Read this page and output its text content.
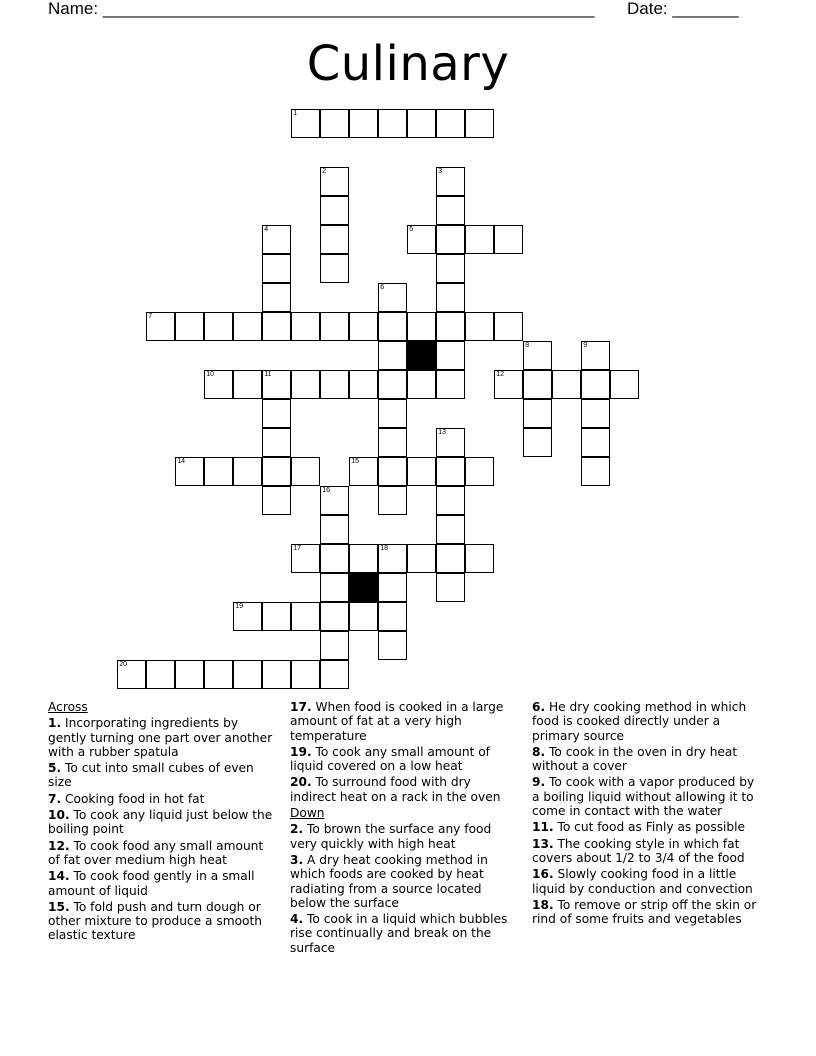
Name: ____________________________________________________ Date: _______
Culinary
1
2	3
4	5
6
7
8	9
10	11	12
13
14	15
16
17	18
19
20
Across
1. Incorporating ingredients by gently turning one part over another with a rubber spatula
5. To cut into small cubes of even size
7. Cooking food in hot fat
10. To cook any liquid just below the boiling point
12. To cook food any small amount of fat over medium high heat
14. To cook food gently in a small amount of liquid
15. To fold push and turn dough or other mixture to produce a smooth elastic texture
17. When food is cooked in a large amount of fat at a very high temperature
19. To cook any small amount of liquid covered on a low heat
20. To surround food with dry indirect heat on a rack in the oven
Down
2. To brown the surface any food very quickly with high heat
3. A dry heat cooking method in which foods are cooked by heat radiating from a source located below the surface
4. To cook in a liquid which bubbles rise continually and break on the surface
6. He dry cooking method in which food is cooked directly under a primary source
8. To cook in the oven in dry heat without a cover
9. To cook with a vapor produced by a boiling liquid without allowing it to come in contact with the water
11. To cut food as Finly as possible
13. The cooking style in which fat covers about 1/2 to 3/4 of the food
16. Slowly cooking food in a little liquid by conduction and convection
18. To remove or strip off the skin or rind of some fruits and vegetables
